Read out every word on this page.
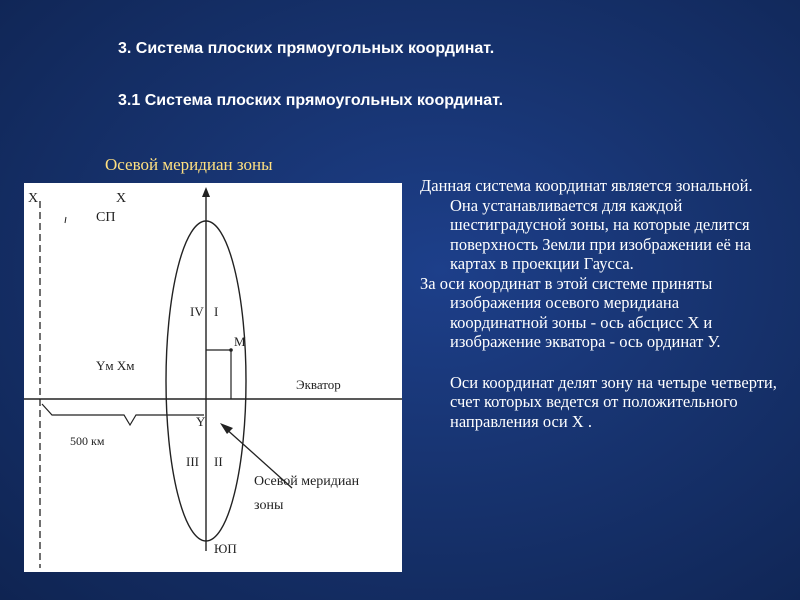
3. Система плоских прямоугольных координат.
3.1 Система плоских прямоугольных координат.

Осевой меридиан зоны

X	X
СП
IV I
M
Yм Xм
Экватор
Y
500 км
III II
ЮП
Осевой меридиан
зоны

Данная система координат является зональной. Она устанавливается для каждой шестиградусной зоны, на которые делится поверхность Земли при изображении её на картах в проекции Гаусса.

За оси координат в этой системе приняты изображения осевого меридиана координатной зоны - ось абсцисс X и изображение экватора - ось ординат У.

Оси координат делят зону на четыре четверти, счет которых ведется от положительного направления оси X .
